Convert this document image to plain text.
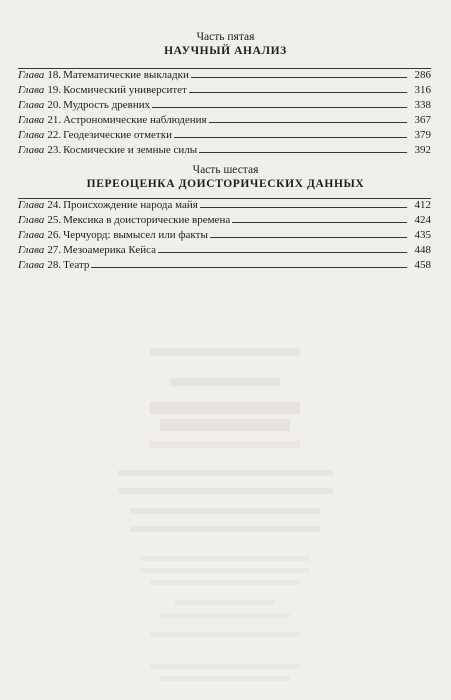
Часть пятая
НАУЧНЫЙ АНАЛИЗ
Глава 18. Математические выкладки	286
Глава 19. Космический университет	316
Глава 20. Мудрость древних	338
Глава 21. Астрономические наблюдения	367
Глава 22. Геодезические отметки	379
Глава 23. Космические и земные силы	392
Часть шестая
ПЕРЕОЦЕНКА ДОИСТОРИЧЕСКИХ ДАННЫХ
Глава 24. Происхождение народа майя	412
Глава 25. Мексика в доисторические времена	424
Глава 26. Черчуорд: вымысел или факты	435
Глава 27. Мезоамерика Кейса	448
Глава 28. Театр	458
